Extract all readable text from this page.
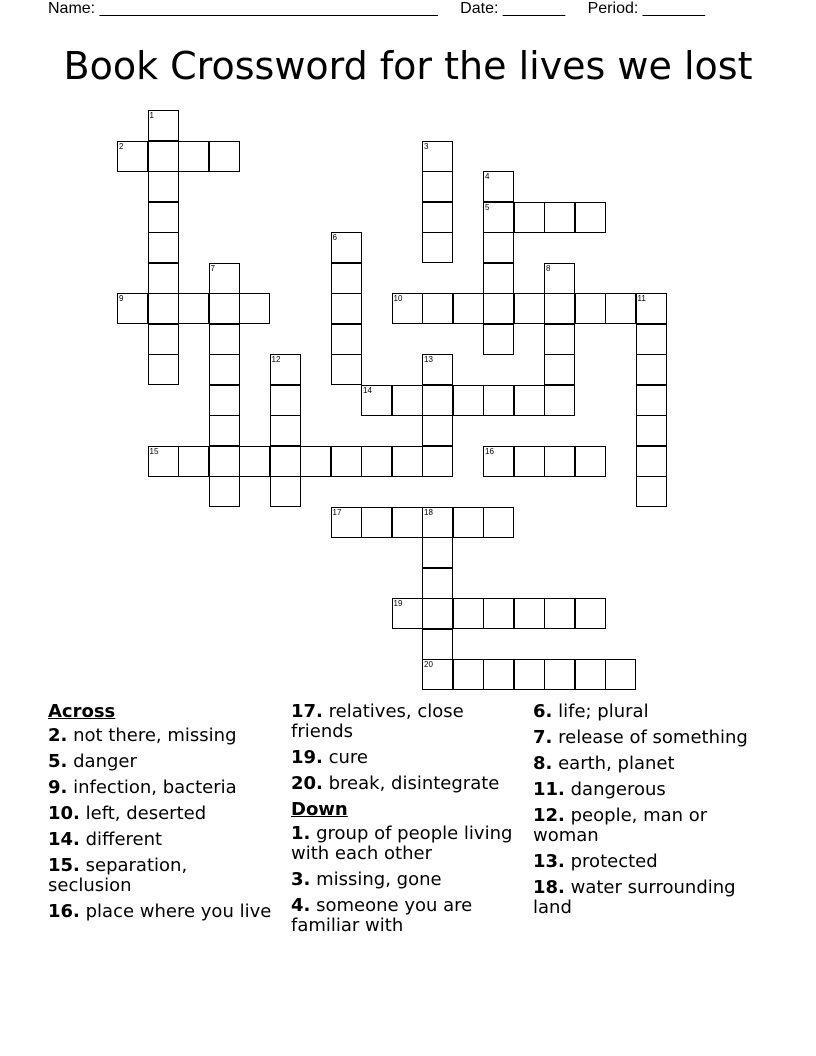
Name: ______________________________________ Date: _______ Period: _______
Book Crossword for the lives we lost
1
2	3
4
5
6
7	8
9	10	11
12	13
14
15	16
17	18
20
19
Across
2. not there, missing
5. danger
9. infection, bacteria
10. left, deserted
14. different
15. separation, seclusion
16. place where you live
17. relatives, close friends
19. cure
20. break, disintegrate
Down
1. group of people living with each other
3. missing, gone
4. someone you are familiar with
6. life; plural
7. release of something
8. earth, planet
11. dangerous
12. people, man or woman
13. protected
18. water surrounding land
